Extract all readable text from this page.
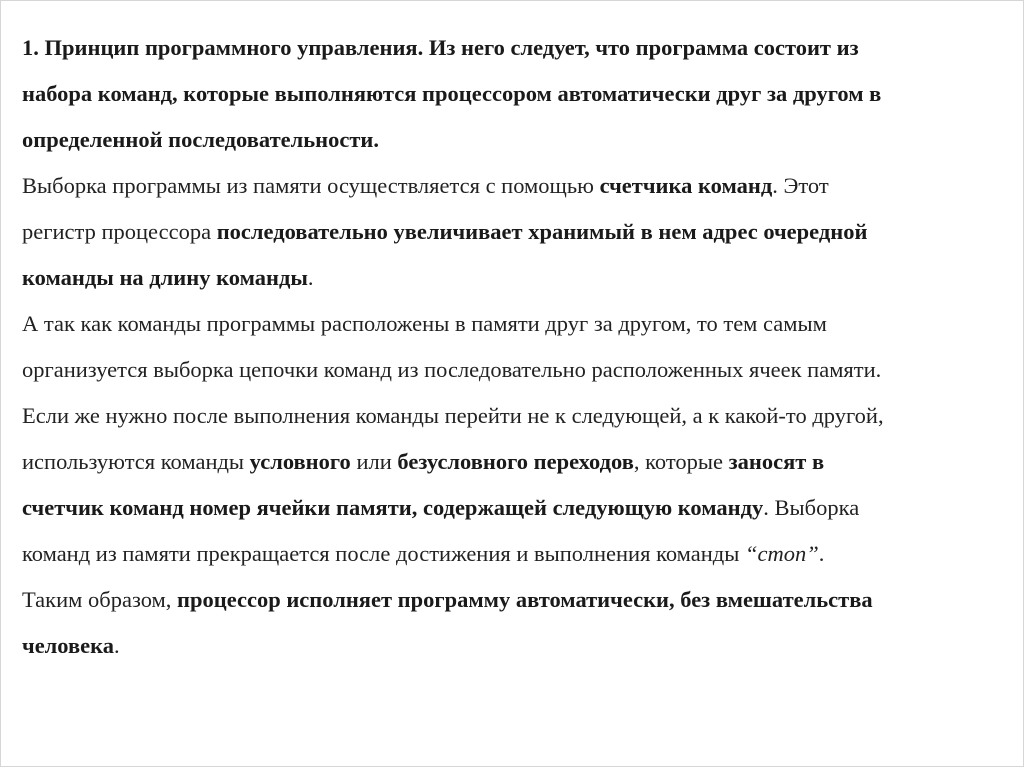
1. Принцип программного управления. Из него следует, что программа состоит из
набора команд, которые выполняются процессором автоматически друг за другом в
определенной последовательности.
Выборка программы из памяти осуществляется с помощью счетчика команд. Этот
регистр процессора последовательно увеличивает хранимый в нем адрес очередной
команды на длину команды.
А так как команды программы расположены в памяти друг за другом, то тем самым
организуется выборка цепочки команд из последовательно расположенных ячеек памяти.
Если же нужно после выполнения команды перейти не к следующей, а к какой-то другой,
используются команды условного или безусловного переходов, которые заносят в
счетчик команд номер ячейки памяти, содержащей следующую команду. Выборка
команд из памяти прекращается после достижения и выполнения команды “стоп”.
Таким образом, процессор исполняет программу автоматически, без вмешательства
человека.
